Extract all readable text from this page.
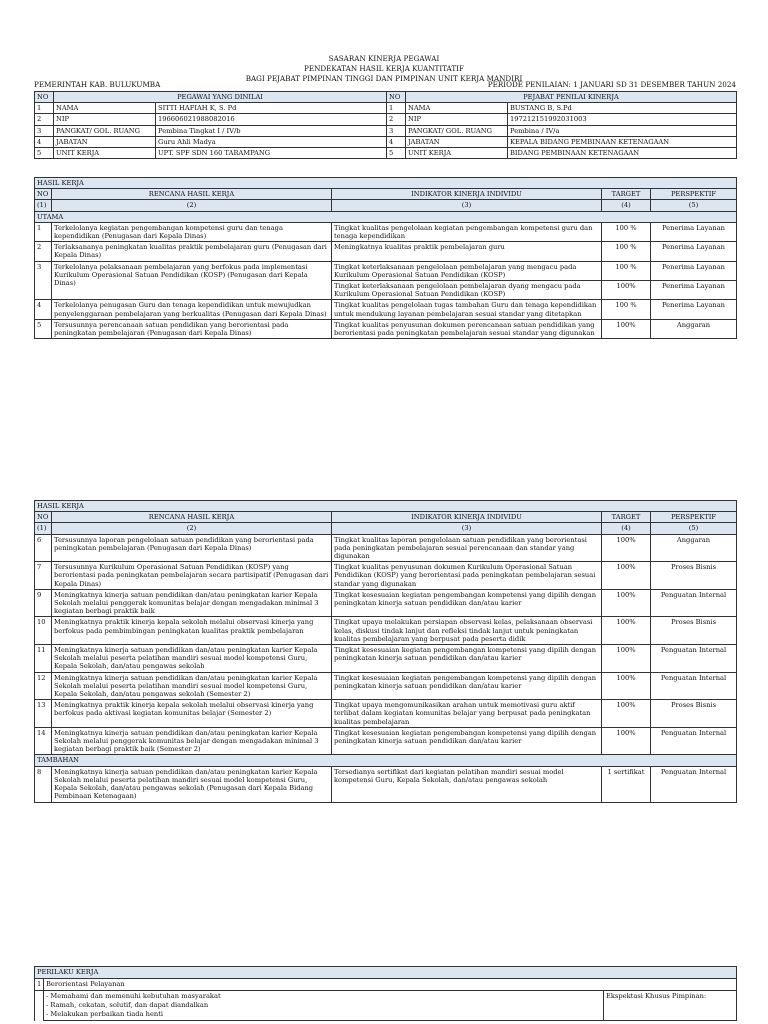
SASARAN KINERJA PEGAWAI
PENDEKATAN HASIL KERJA KUANTITATIF
BAGI PEJABAT PIMPINAN TINGGI DAN PIMPINAN UNIT KERJA MANDIRI
PEMERINTAH KAB. BULUKUMBA	PERIODE PENILAIAN: 1 JANUARI SD 31 DESEMBER TAHUN 2024
NO	PEGAWAI YANG DINILAI		NO	PEJABAT PENILAI KINERJA	
1	NAMA	SITTI HAFIAH K, S. Pd	1	NAMA	BUSTANG B, S.Pd
2	NIP	196606021988082016	2	NIP	197212151992031003
3	PANGKAT/ GOL. RUANG	Pembina Tingkat I / IV/b	3	PANGKAT/ GOL. RUANG	Pembina / IV/a
4	JABATAN	Guru Ahli Madya	4	JABATAN	KEPALA BIDANG PEMBINAAN KETENAGAAN
5	UNIT KERJA	UPT. SPF SDN 160 TARAMPANG	5	UNIT KERJA	BIDANG PEMBINAAN KETENAGAAN
HASIL KERJA				
NO	RENCANA HASIL KERJA	INDIKATOR KINERJA INDIVIDU	TARGET	PERSPEKTIF
(1)	(2)	(3)	(4)	(5)
UTAMA				
1	Terkelolanya kegiatan pengembangan kompetensi guru dan tenaga kependidikan (Penugasan dari Kepala Dinas)	Tingkat kualitas pengelolaan kegiatan pengembangan kompetensi guru dan tenaga kependidikan	100 %	Penerima Layanan
2	Terlaksananya peningkatan kualitas praktik pembelajaran guru (Penugasan dari Kepala Dinas)	Meningkatnya kualitas praktik pembelajaran guru	100 %	Penerima Layanan
3	Terkelolanya pelaksanaan pembelajaran yang berfokus pada implementasi Kurikulum Operasional Satuan Pendidikan (KOSP) (Penugasan dari Kepala Dinas)	Tingkat keterlaksanaan pengelolaan pembelajaran yang mengacu pada Kurikulum Operasional Satuan Pendidikan (KOSP)	100 %	Penerima Layanan
		Tingkat keterlaksanaan pengelolaan pembelajaran dyang mengacu pada Kurikulum Operasional Satuan Pendidikan (KOSP)	100%	Penerima Layanan
4	Terkelolanya penugasan Guru dan tenaga kependidikan untuk mewujudkan penyelenggaraan pembelajaran yang berkualitas (Penugasan dari Kepala Dinas)	Tingkat kualitas pengelolaan tugas tambahan Guru dan tenaga kependidikan untuk mendukung layanan pembelajaran sesuai standar yang ditetapkan	100 %	Penerima Layanan
5	Tersusunnya perencanaan satuan pendidikan yang berorientasi pada peningkatan pembelajaran (Penugasan dari Kepala Dinas)	Tingkat kualitas penyusunan dokumen perencanaan satuan pendidikan yang berorientasi pada peningkatan pembelajaran sesuai standar yang digunakan	100%	Anggaran
HASIL KERJA				
NO	RENCANA HASIL KERJA	INDIKATOR KINERJA INDIVIDU	TARGET	PERSPEKTIF
(1)	(2)	(3)	(4)	(5)
6	Tersusunnya laporan pengelolaan satuan pendidikan yang berorientasi pada peningkatan pembelajaran (Penugasan dari Kepala Dinas)	Tingkat kualitas laporan pengelolaan satuan pendidikan yang berorientasi pada peningkatan pembelajaran sesuai perencanaan dan standar yang digunakan	100%	Anggaran
7	Tersusunnya Kurikulum Operasional Satuan Pendidikan (KOSP) yang berorientasi pada peningkatan pembelajaran secara partisipatif (Penugasan dari Kepala Dinas)	Tingkat kualitas penyusunan dokumen Kurikulum Operasional Satuan Pendidikan (KOSP) yang berorientasi pada peningkatan pembelajaran sesuai standar yang digunakan	100%	Proses Bisnis
9	Meningkatnya kinerja satuan pendidikan dan/atau peningkatan karier Kepala Sekolah melalui penggerak komunitas belajar dengan mengadakan minimal 3 kegiatan berbagi praktik baik	Tingkat kesesuaian kegiatan pengembangan kompetensi yang dipilih dengan peningkatan kinerja satuan pendidikan dan/atau karier	100%	Penguatan Internal
10	Meningkatnya praktik kinerja kepala sekolah melalui observasi kinerja yang berfokus pada pembimbingan peningkatan kualitas praktik pembelajaran	Tingkat upaya melakukan persiapan observasi kelas, pelaksanaan observasi kelas, diskusi tindak lanjut dan refleksi tindak lanjut untuk peningkatan kualitas pembelajaran yang berpusat pada peserta didik	100%	Proses Bisnis
11	Meningkatnya kinerja satuan pendidikan dan/atau peningkatan karier Kepala Sekolah melalui peserta pelatihan mandiri sesuai model kompetensi Guru, Kepala Sekolah, dan/atau pengawas sekolah	Tingkat kesesuaian kegiatan pengembangan kompetensi yang dipilih dengan peningkatan kinerja satuan pendidikan dan/atau karier	100%	Penguatan Internal
12	Meningkatnya kinerja satuan pendidikan dan/atau peningkatan karier Kepala Sekolah melalui peserta pelatihan mandiri sesuai model kompetensi Guru, Kepala Sekolah, dan/atau pengawas sekolah (Semester 2)	Tingkat kesesuaian kegiatan pengembangan kompetensi yang dipilih dengan peningkatan kinerja satuan pendidikan dan/atau karier	100%	Penguatan Internal
13	Meningkatnya praktik kinerja kepala sekolah melalui observasi kinerja yang berfokus pada aktivasi kegiatan komunitas belajar (Semester 2)	Tingkat upaya mengomunikasikan arahan untuk memotivasi guru aktif terlibat dalam kegiatan komunitas belajar yang berpusat pada peningkatan kualitas pembelajaran	100%	Proses Bisnis
14	Meningkatnya kinerja satuan pendidikan dan/atau peningkatan karier Kepala Sekolah melalui penggerak komunitas belajar dengan mengadakan minimal 3 kegiatan berbagi praktik baik (Semester 2)	Tingkat kesesuaian kegiatan pengembangan kompetensi yang dipilih dengan peningkatan kinerja satuan pendidikan dan/atau karier	100%	Penguatan Internal
TAMBAHAN				
8	Meningkatnya kinerja satuan pendidikan dan/atau peningkatan karier Kepala Sekolah melalui peserta pelatihan mandiri sesuai model kompetensi Guru, Kepala Sekolah, dan/atau pengawas sekolah (Penugasan dari Kepala Bidang Pembinaan Ketenagaan)	Tersedianya sertifikat dari kegiatan pelatihan mandiri sesuai model kompetensi Guru, Kepala Sekolah, dan/atau pengawas sekolah	1 sertifikat	Penguatan Internal
PERILAKU KERJA		
1	Berorientasi Pelayanan	

	- Memahami dan memenuhi kebutuhan masyarakat
- Ramah, cekatan, solutif, dan dapat diandalkan
- Melakukan perbaikan tiada henti	Ekspektasi Khusus Pimpinan:
